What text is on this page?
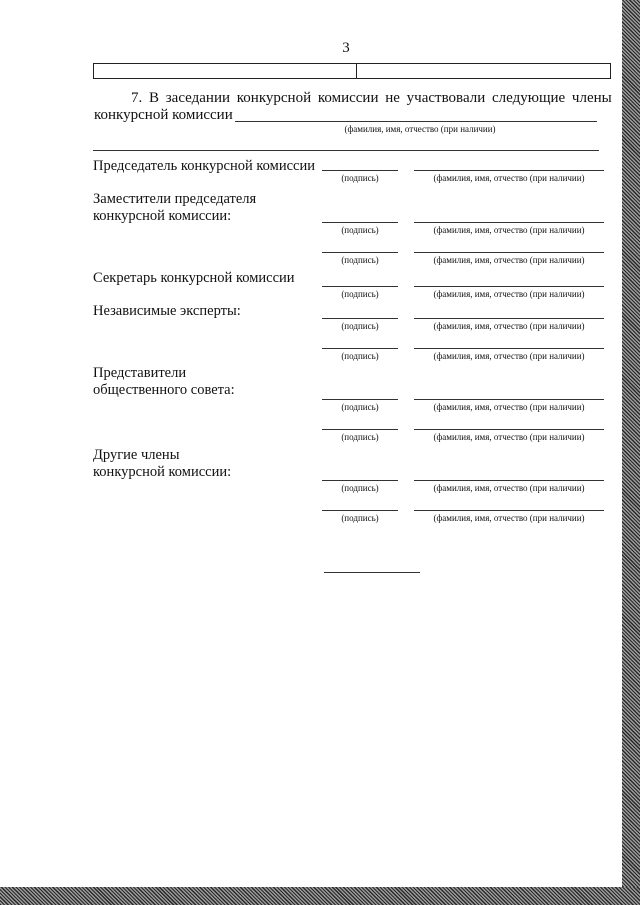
3
7. В заседании конкурсной комиссии не участвовали следующие члены
конкурсной комиссии
(фамилия, имя, отчество (при наличии)
Председатель конкурсной комиссии
(подпись)	(фамилия, имя, отчество (при наличии)
Заместители председателя
конкурсной комиссии:
(подпись)	(фамилия, имя, отчество (при наличии)
(подпись)	(фамилия, имя, отчество (при наличии)
Секретарь конкурсной комиссии
(подпись)	(фамилия, имя, отчество (при наличии)
Независимые эксперты:
(подпись)	(фамилия, имя, отчество (при наличии)
(подпись)	(фамилия, имя, отчество (при наличии)
Представители
общественного совета:
(подпись)	(фамилия, имя, отчество (при наличии)
(подпись)	(фамилия, имя, отчество (при наличии)
Другие члены
конкурсной комиссии:
(подпись)	(фамилия, имя, отчество (при наличии)
(подпись)	(фамилия, имя, отчество (при наличии)
